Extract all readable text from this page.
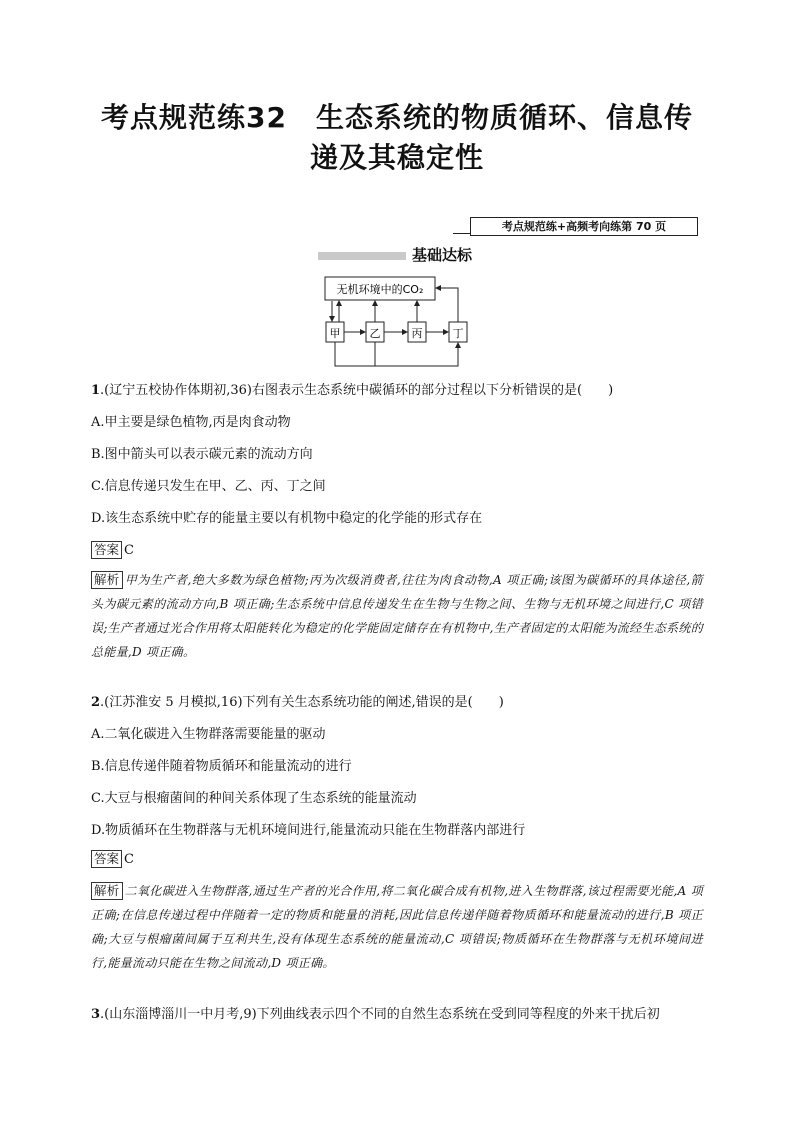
考点规范练32　生态系统的物质循环、信息传
递及其稳定性
考点规范练+高频考向练第 70 页
基础达标
无机环境中的CO₂
甲	乙	丙	丁
1.(辽宁五校协作体期初,36)右图表示生态系统中碳循环的部分过程以下分析错误的是(　　)
A.甲主要是绿色植物,丙是肉食动物
B.图中箭头可以表示碳元素的流动方向
C.信息传递只发生在甲、乙、丙、丁之间
D.该生态系统中贮存的能量主要以有机物中稳定的化学能的形式存在
答案 C
解析 甲为生产者,绝大多数为绿色植物;丙为次级消费者,往往为肉食动物,A 项正确;该图为碳循环的具体途径,箭头为碳元素的流动方向,B 项正确;生态系统中信息传递发生在生物与生物之间、生物与无机环境之间进行,C 项错误;生产者通过光合作用将太阳能转化为稳定的化学能固定储存在有机物中,生产者固定的太阳能为流经生态系统的总能量,D 项正确。
2.(江苏淮安 5 月模拟,16)下列有关生态系统功能的阐述,错误的是(　　)
A.二氧化碳进入生物群落需要能量的驱动
B.信息传递伴随着物质循环和能量流动的进行
C.大豆与根瘤菌间的种间关系体现了生态系统的能量流动
D.物质循环在生物群落与无机环境间进行,能量流动只能在生物群落内部进行
答案 C
解析 二氧化碳进入生物群落,通过生产者的光合作用,将二氧化碳合成有机物,进入生物群落,该过程需要光能,A 项正确;在信息传递过程中伴随着一定的物质和能量的消耗,因此信息传递伴随着物质循环和能量流动的进行,B 项正确;大豆与根瘤菌间属于互利共生,没有体现生态系统的能量流动,C 项错误;物质循环在生物群落与无机环境间进行,能量流动只能在生物之间流动,D 项正确。
3.(山东淄博淄川一中月考,9)下列曲线表示四个不同的自然生态系统在受到同等程度的外来干扰后初
